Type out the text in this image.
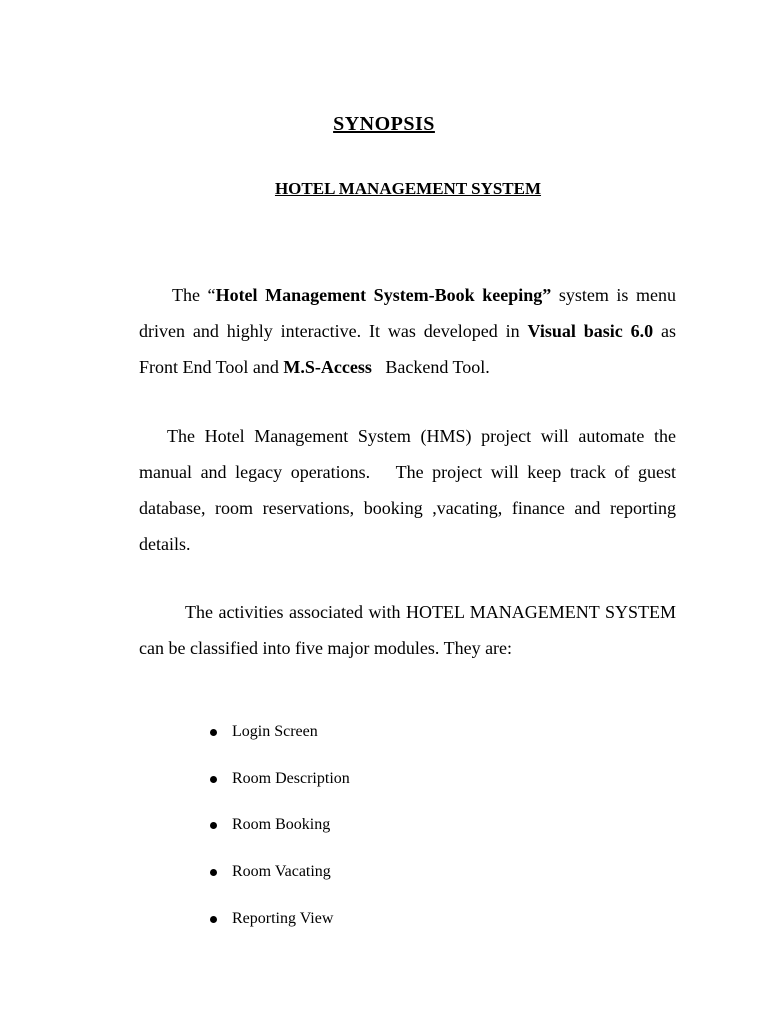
SYNOPSIS
HOTEL MANAGEMENT SYSTEM

The “Hotel Management System-Book keeping” system is menu driven and highly interactive. It was developed in Visual basic 6.0 as Front End Tool and M.S-Access   Backend Tool.

The Hotel Management System (HMS) project will automate the manual and legacy operations.   The project will keep track of guest database, room reservations, booking ,vacating, finance and reporting details.

The activities associated with HOTEL MANAGEMENT SYSTEM can be classified into five major modules. They are:

Login Screen
Room Description
Room Booking
Room Vacating
Reporting View
